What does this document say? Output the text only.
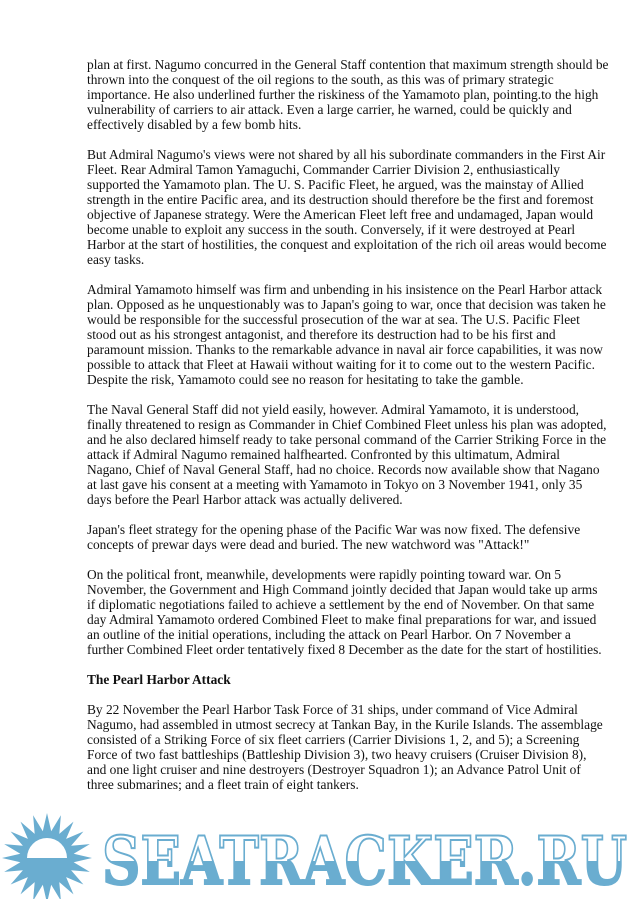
plan at first. Nagumo concurred in the General Staff contention that maximum strength should be
thrown into the conquest of the oil regions to the south, as this was of primary strategic
importance. He also underlined further the riskiness of the Yamamoto plan, pointing.to the high
vulnerability of carriers to air attack. Even a large carrier, he warned, could be quickly and
effectively disabled by a few bomb hits.

But Admiral Nagumo's views were not shared by all his subordinate commanders in the First Air
Fleet. Rear Admiral Tamon Yamaguchi, Commander Carrier Division 2, enthusiastically
supported the Yamamoto plan. The U. S. Pacific Fleet, he argued, was the mainstay of Allied
strength in the entire Pacific area, and its destruction should therefore be the first and foremost
objective of Japanese strategy. Were the American Fleet left free and undamaged, Japan would
become unable to exploit any success in the south. Conversely, if it were destroyed at Pearl
Harbor at the start of hostilities, the conquest and exploitation of the rich oil areas would become
easy tasks.

Admiral Yamamoto himself was firm and unbending in his insistence on the Pearl Harbor attack
plan. Opposed as he unquestionably was to Japan's going to war, once that decision was taken he
would be responsible for the successful prosecution of the war at sea. The U.S. Pacific Fleet
stood out as his strongest antagonist, and therefore its destruction had to be his first and
paramount mission. Thanks to the remarkable advance in naval air force capabilities, it was now
possible to attack that Fleet at Hawaii without waiting for it to come out to the western Pacific.
Despite the risk, Yamamoto could see no reason for hesitating to take the gamble.

The Naval General Staff did not yield easily, however. Admiral Yamamoto, it is understood,
finally threatened to resign as Commander in Chief Combined Fleet unless his plan was adopted,
and he also declared himself ready to take personal command of the Carrier Striking Force in the
attack if Admiral Nagumo remained halfhearted. Confronted by this ultimatum, Admiral
Nagano, Chief of Naval General Staff, had no choice. Records now available show that Nagano
at last gave his consent at a meeting with Yamamoto in Tokyo on 3 November 1941, only 35
days before the Pearl Harbor attack was actually delivered.

Japan's fleet strategy for the opening phase of the Pacific War was now fixed. The defensive
concepts of prewar days were dead and buried. The new watchword was "Attack!"

On the political front, meanwhile, developments were rapidly pointing toward war. On 5
November, the Government and High Command jointly decided that Japan would take up arms
if diplomatic negotiations failed to achieve a settlement by the end of November. On that same
day Admiral Yamamoto ordered Combined Fleet to make final preparations for war, and issued
an outline of the initial operations, including the attack on Pearl Harbor. On 7 November a
further Combined Fleet order tentatively fixed 8 December as the date for the start of hostilities.

The Pearl Harbor Attack

By 22 November the Pearl Harbor Task Force of 31 ships, under command of Vice Admiral
Nagumo, had assembled in utmost secrecy at Tankan Bay, in the Kurile Islands. The assemblage
consisted of a Striking Force of six fleet carriers (Carrier Divisions 1, 2, and 5); a Screening
Force of two fast battleships (Battleship Division 3), two heavy cruisers (Cruiser Division 8),
and one light cruiser and nine destroyers (Destroyer Squadron 1); an Advance Patrol Unit of
three submarines; and a fleet train of eight tankers.

SEATRACKER.RU
